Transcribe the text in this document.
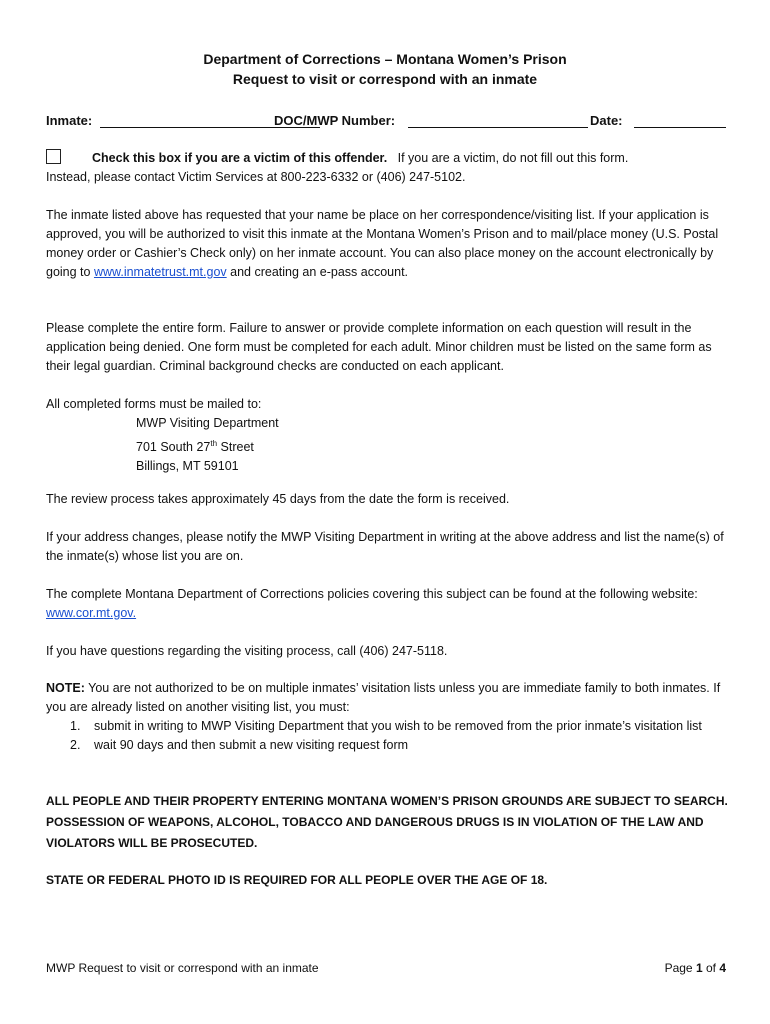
Department of Corrections – Montana Women’s Prison
Request to visit or correspond with an inmate
Inmate:	DOC/MWP Number:	Date:

Check this box if you are a victim of this offender. If you are a victim, do not fill out this form.

Instead, please contact Victim Services at 800-223-6332 or (406) 247-5102.

The inmate listed above has requested that your name be place on her correspondence/visiting list. If your application is approved, you will be authorized to visit this inmate at the Montana Women’s Prison and to mail/place money (U.S. Postal money order or Cashier’s Check only) on her inmate account. You can also place money on the account electronically by going to www.inmatetrust.mt.gov and creating an e-pass account.

Please complete the entire form. Failure to answer or provide complete information on each question will result in the application being denied. One form must be completed for each adult. Minor children must be listed on the same form as their legal guardian. Criminal background checks are conducted on each applicant.
All completed forms must be mailed to:
MWP Visiting Department
701 South 27th Street
Billings, MT 59101
The review process takes approximately 45 days from the date the form is received.
If your address changes, please notify the MWP Visiting Department in writing at the above address and list the name(s) of the inmate(s) whose list you are on.

The complete Montana Department of Corrections policies covering this subject can be found at the following website: www.cor.mt.gov.

If you have questions regarding the visiting process, call (406) 247-5118.

NOTE: You are not authorized to be on multiple inmates’ visitation lists unless you are immediate family to both inmates. If you are already listed on another visiting list, you must:

1. submit in writing to MWP Visiting Department that you wish to be removed from the prior inmate’s visitation list
2. wait 90 days and then submit a new visiting request form
ALL PEOPLE AND THEIR PROPERTY ENTERING MONTANA WOMEN’S PRISON GROUNDS ARE SUBJECT TO SEARCH. POSSESSION OF WEAPONS, ALCOHOL, TOBACCO AND DANGEROUS DRUGS IS IN VIOLATION OF THE LAW AND VIOLATORS WILL BE PROSECUTED.
STATE OR FEDERAL PHOTO ID IS REQUIRED FOR ALL PEOPLE OVER THE AGE OF 18.
MWP Request to visit or correspond with an inmate	Page 1 of 4
